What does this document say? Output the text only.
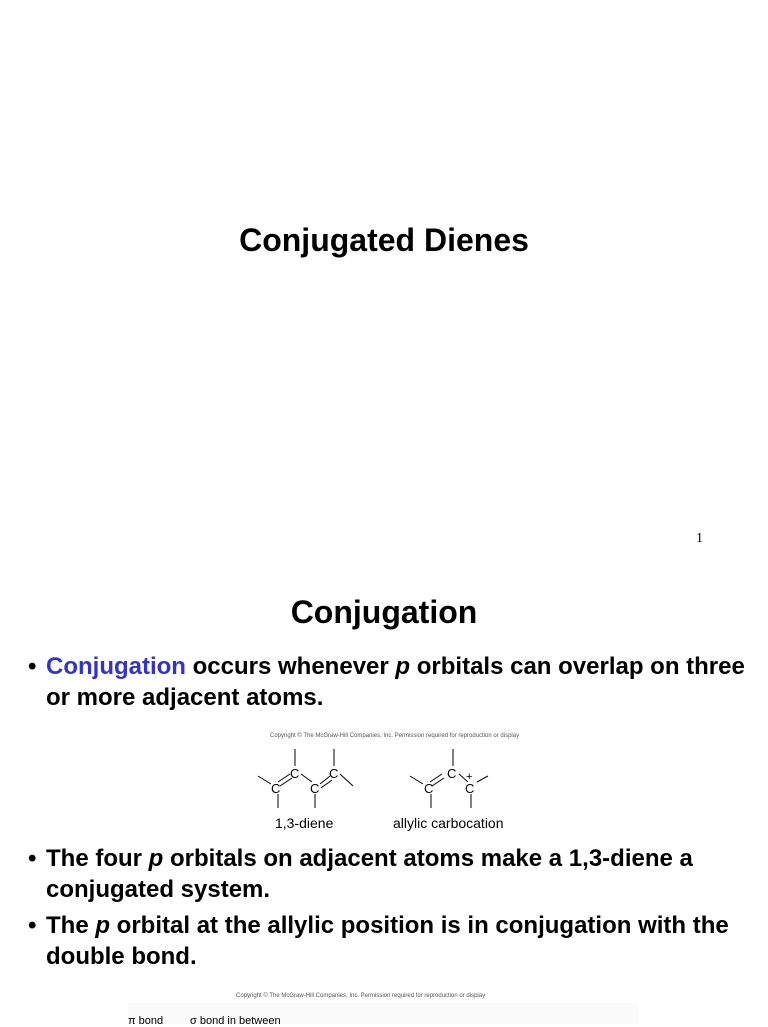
Conjugated Dienes
1
Conjugation
• Conjugation occurs whenever p orbitals can overlap on three or more adjacent atoms.
Copyright © The McGraw-Hill Companies, Inc. Permission required for reproduction or display
C
C
C
C
C
C
C
+
1,3-diene	allylic carbocation
• The four p orbitals on adjacent atoms make a 1,3-diene a conjugated system.
• The p orbital at the allylic position is in conjugation with the double bond.
Copyright © The McGraw-Hill Companies, Inc. Permission required for reproduction or display
π bond σ bond in between
